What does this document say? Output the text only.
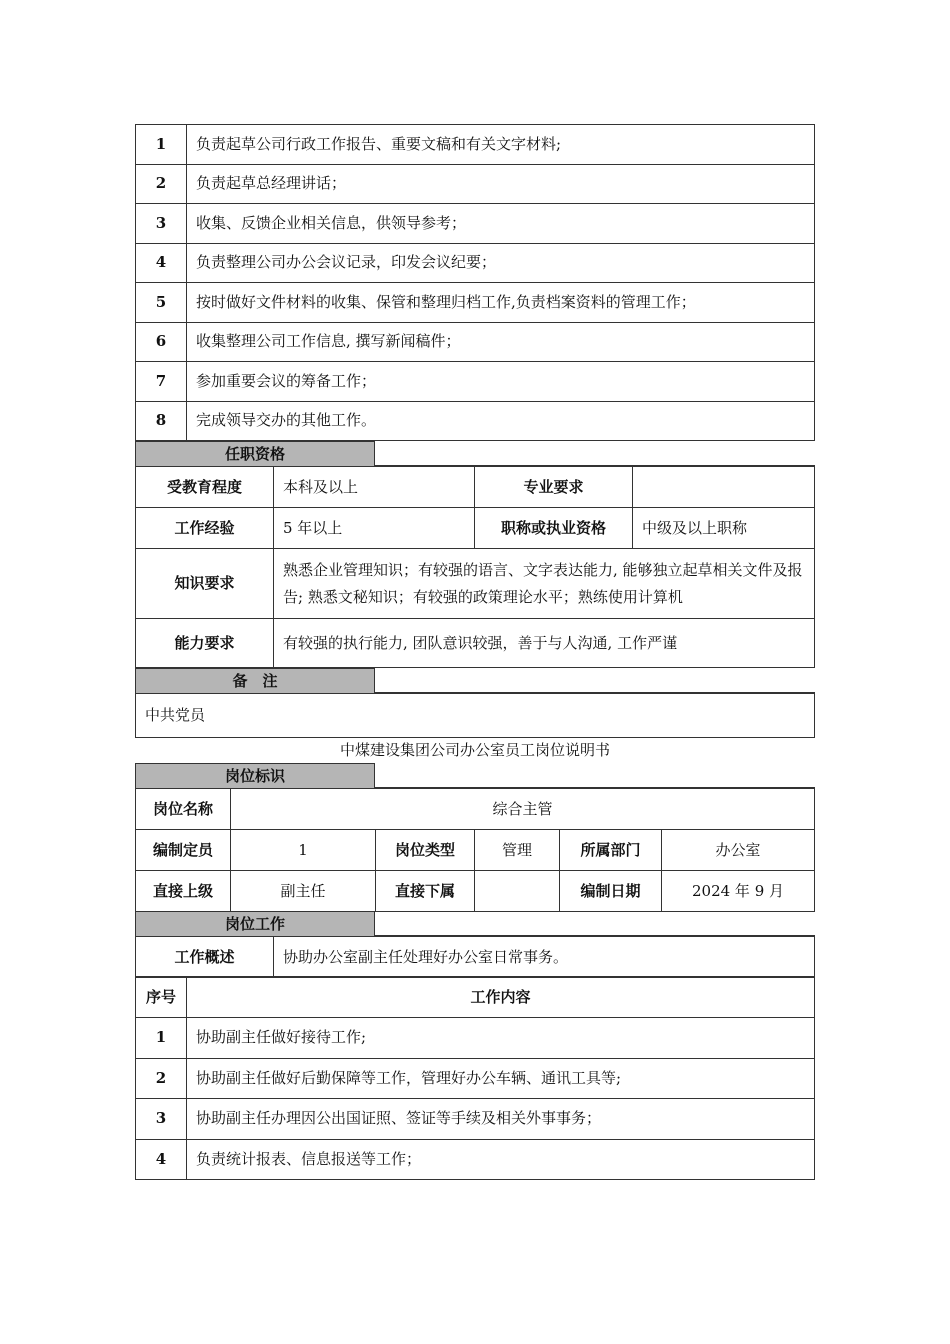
1	负责起草公司行政工作报告、重要文稿和有关文字材料;
2	负责起草总经理讲话；
3	收集、反馈企业相关信息，供领导参考；
4	负责整理公司办公会议记录，印发会议纪要；
5	按时做好文件材料的收集、保管和整理归档工作,负责档案资料的管理工作；
6	收集整理公司工作信息, 撰写新闻稿件；
7	参加重要会议的筹备工作；
8	完成领导交办的其他工作。
任职资格
受教育程度	本科及以上	专业要求	
工作经验	5 年以上	职称或执业资格	中级及以上职称
知识要求	熟悉企业管理知识；有较强的语言、文字表达能力, 能够独立起草相关文件及报告; 熟悉文秘知识；有较强的政策理论水平；熟练使用计算机		
能力要求	有较强的执行能力, 团队意识较强，善于与人沟通, 工作严谨		
备　注
中共党员
中煤建设集团公司办公室员工岗位说明书
岗位标识
岗位名称	综合主管				
编制定员	1	岗位类型	管理	所属部门	办公室
直接上级	副主任	直接下属		编制日期	2024 年 9 月
岗位工作
工作概述	协助办公室副主任处理好办公室日常事务。
序号	工作内容
1	协助副主任做好接待工作;
2	协助副主任做好后勤保障等工作，管理好办公车辆、通讯工具等;
3	协助副主任办理因公出国证照、签证等手续及相关外事事务；
4	负责统计报表、信息报送等工作；
